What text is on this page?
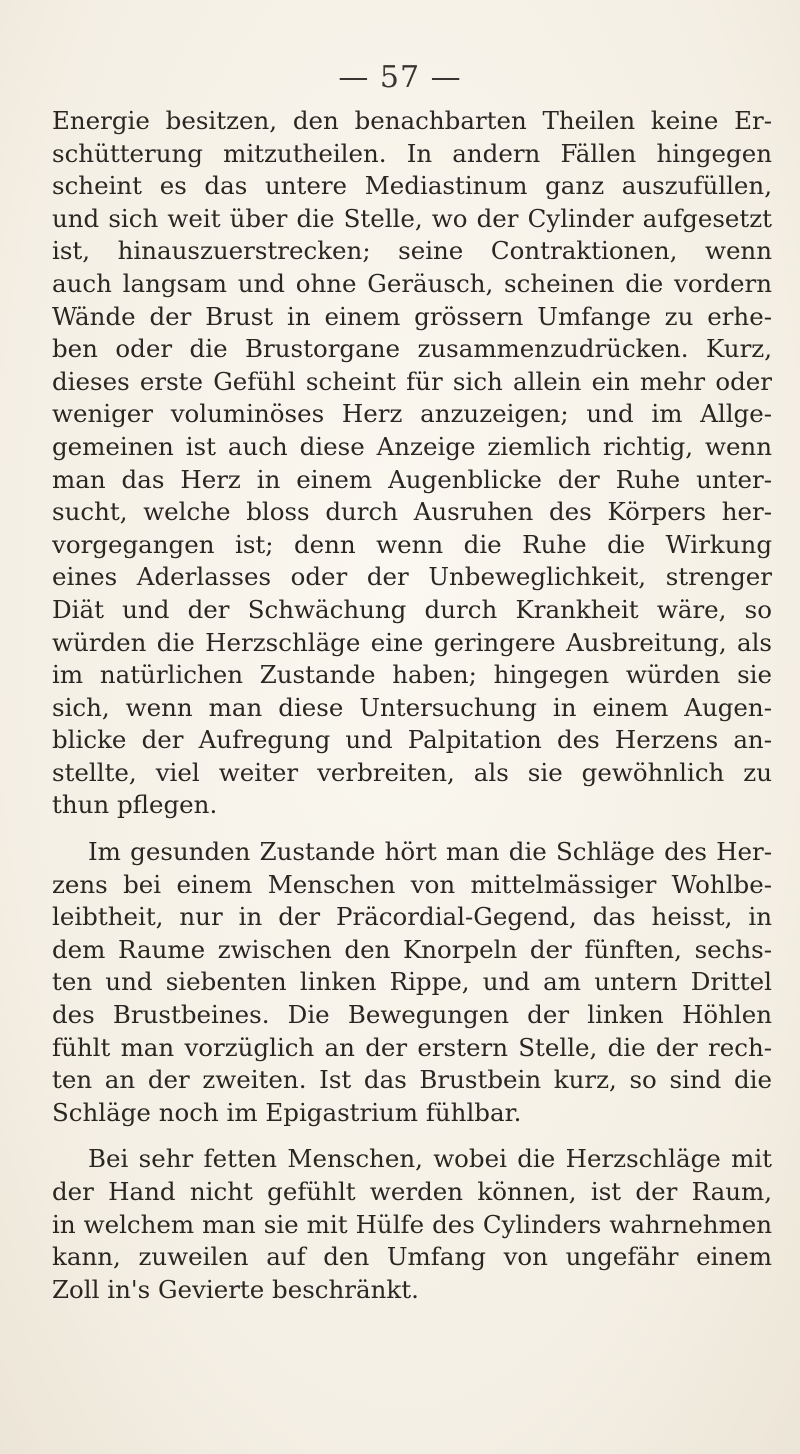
— 57 —
Energie besitzen, den benachbarten Theilen keine Er-
schütterung mitzutheilen. In andern Fällen hingegen
scheint es das untere Mediastinum ganz auszufüllen,
und sich weit über die Stelle, wo der Cylinder aufgesetzt
ist, hinauszuerstrecken; seine Contraktionen, wenn
auch langsam und ohne Geräusch, scheinen die vordern
Wände der Brust in einem grössern Umfange zu erhe-
ben oder die Brustorgane zusammenzudrücken. Kurz,
dieses erste Gefühl scheint für sich allein ein mehr oder
weniger voluminöses Herz anzuzeigen; und im Allge-
gemeinen ist auch diese Anzeige ziemlich richtig, wenn
man das Herz in einem Augenblicke der Ruhe unter-
sucht, welche bloss durch Ausruhen des Körpers her-
vorgegangen ist; denn wenn die Ruhe die Wirkung
eines Aderlasses oder der Unbeweglichkeit, strenger
Diät und der Schwächung durch Krankheit wäre, so
würden die Herzschläge eine geringere Ausbreitung, als
im natürlichen Zustande haben; hingegen würden sie
sich, wenn man diese Untersuchung in einem Augen-
blicke der Aufregung und Palpitation des Herzens an-
stellte, viel weiter verbreiten, als sie gewöhnlich zu
thun pflegen.
Im gesunden Zustande hört man die Schläge des Her-
zens bei einem Menschen von mittelmässiger Wohlbe-
leibtheit, nur in der Präcordial-Gegend, das heisst, in
dem Raume zwischen den Knorpeln der fünften, sechs-
ten und siebenten linken Rippe, und am untern Drittel
des Brustbeines. Die Bewegungen der linken Höhlen
fühlt man vorzüglich an der erstern Stelle, die der rech-
ten an der zweiten. Ist das Brustbein kurz, so sind die
Schläge noch im Epigastrium fühlbar.
Bei sehr fetten Menschen, wobei die Herzschläge mit
der Hand nicht gefühlt werden können, ist der Raum,
in welchem man sie mit Hülfe des Cylinders wahrnehmen
kann, zuweilen auf den Umfang von ungefähr einem
Zoll in's Gevierte beschränkt.
